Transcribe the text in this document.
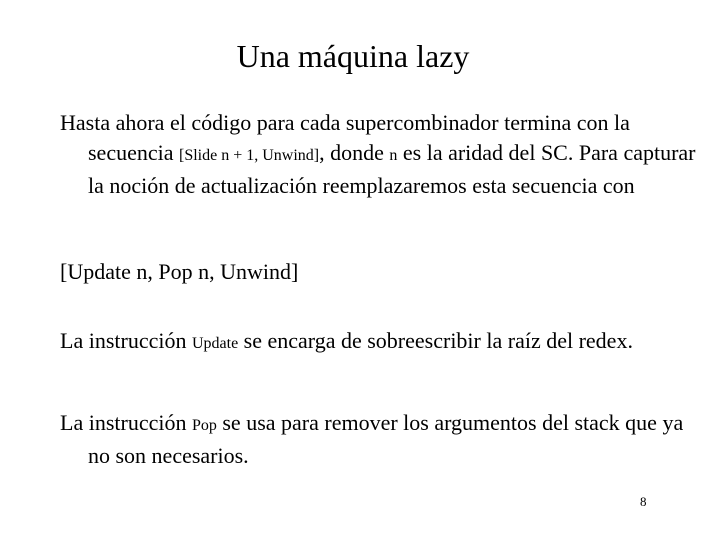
Una máquina lazy
Hasta ahora el código para cada supercombinador termina con la secuencia [Slide n + 1, Unwind], donde n es la aridad del SC. Para capturar la noción de actualización reemplazaremos esta secuencia con
[Update n, Pop n, Unwind]
La instrucción Update se encarga de sobreescribir la raíz del redex.
La instrucción Pop se usa para remover los argumentos del stack que ya no son necesarios.
8
